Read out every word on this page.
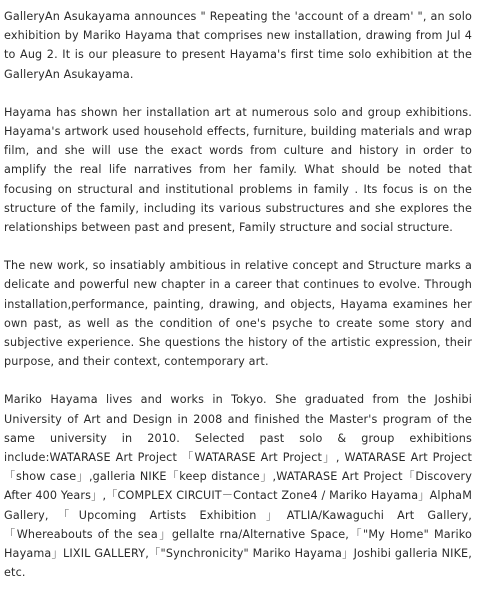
GalleryAn Asukayama announces " Repeating the 'account of a dream' ", an solo exhibition by Mariko Hayama that comprises new installation, drawing from Jul 4 to Aug 2. It is our pleasure to present Hayama's first time solo exhibition at the GalleryAn Asukayama.

Hayama has shown her installation art at numerous solo and group exhibitions. Hayama's artwork used household effects, furniture, building materials and wrap film, and she will use the exact words from culture and history in order to amplify the real life narratives from her family. What should be noted that focusing on structural and institutional problems in family . Its focus is on the structure of the family, including its various substructures and she explores the relationships between past and present, Family structure and social structure.

The new work, so insatiably ambitious in relative concept and Structure marks a delicate and powerful new chapter in a career that continues to evolve. Through installation,performance, painting, drawing, and objects, Hayama examines her own past, as well as the condition of one's psyche to create some story and subjective experience. She questions the history of the artistic expression, their purpose, and their context, contemporary art.

Mariko Hayama lives and works in Tokyo. She graduated from the Joshibi University of Art and Design in 2008 and finished the Master's program of the same university in 2010. Selected past solo & group exhibitions include:WATARASE Art Project 「WATARASE Art Project」, WATARASE Art Project「show case」,galleria NIKE「keep distance」,WATARASE Art Project「Discovery After 400 Years」,「COMPLEX CIRCUIT－Contact Zone4 / Mariko Hayama」AlphaM Gallery,「Upcoming Artists Exhibition」ATLIA/Kawaguchi Art Gallery,「Whereabouts of the sea」gellalte rna/Alternative Space,「"My Home" Mariko Hayama」LIXIL GALLERY,「"Synchronicity" Mariko Hayama」Joshibi galleria NIKE, etc.
